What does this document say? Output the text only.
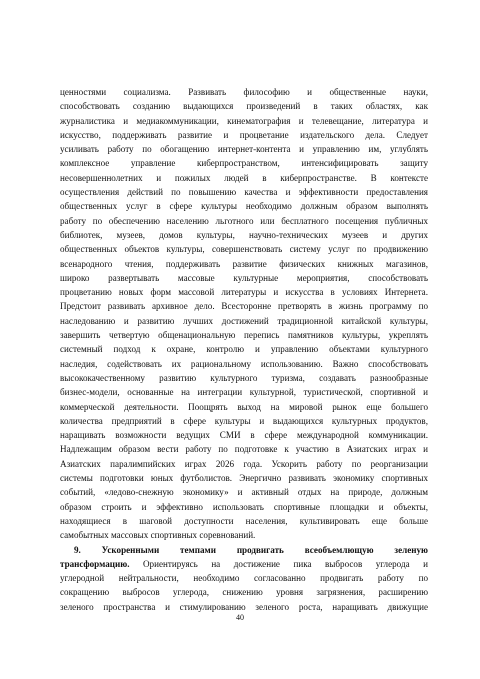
ценностями социализма. Развивать философию и общественные науки,
способствовать созданию выдающихся произведений в таких областях, как
журналистика и медиакоммуникации, кинематография и телевещание, литература и
искусство, поддерживать развитие и процветание издательского дела. Следует
усиливать работу по обогащению интернет-контента и управлению им, углублять
комплексное управление киберпространством, интенсифицировать защиту
несовершеннолетних и пожилых людей в киберпространстве. В контексте
осуществления действий по повышению качества и эффективности предоставления
общественных услуг в сфере культуры необходимо должным образом выполнять
работу по обеспечению населению льготного или бесплатного посещения публичных
библиотек, музеев, домов культуры, научно-технических музеев и других
общественных объектов культуры, совершенствовать систему услуг по продвижению
всенародного чтения, поддерживать развитие физических книжных магазинов,
широко развертывать массовые культурные мероприятия, способствовать
процветанию новых форм массовой литературы и искусства в условиях Интернета.
Предстоит развивать архивное дело. Всесторонне претворять в жизнь программу по
наследованию и развитию лучших достижений традиционной китайской культуры,
завершить четвертую общенациональную перепись памятников культуры, укреплять
системный подход к охране, контролю и управлению объектами культурного
наследия, содействовать их рациональному использованию. Важно способствовать
высококачественному развитию культурного туризма, создавать разнообразные
бизнес-модели, основанные на интеграции культурной, туристической, спортивной и
коммерческой деятельности. Поощрять выход на мировой рынок еще большего
количества предприятий в сфере культуры и выдающихся культурных продуктов,
наращивать возможности ведущих СМИ в сфере международной коммуникации.
Надлежащим образом вести работу по подготовке к участию в Азиатских играх и
Азиатских паралимпийских играх 2026 года. Ускорить работу по реорганизации
системы подготовки юных футболистов. Энергично развивать экономику спортивных
событий, «ледово-снежную экономику» и активный отдых на природе, должным
образом строить и эффективно использовать спортивные площадки и объекты,
находящиеся в шаговой доступности населения, культивировать еще больше
самобытных массовых спортивных соревнований.
9. Ускоренными темпами продвигать всеобъемлющую зеленую
трансформацию. Ориентируясь на достижение пика выбросов углерода и
углеродной нейтральности, необходимо согласованно продвигать работу по
сокращению выбросов углерода, снижению уровня загрязнения, расширению
зеленого пространства и стимулированию зеленого роста, наращивать движущие
40
